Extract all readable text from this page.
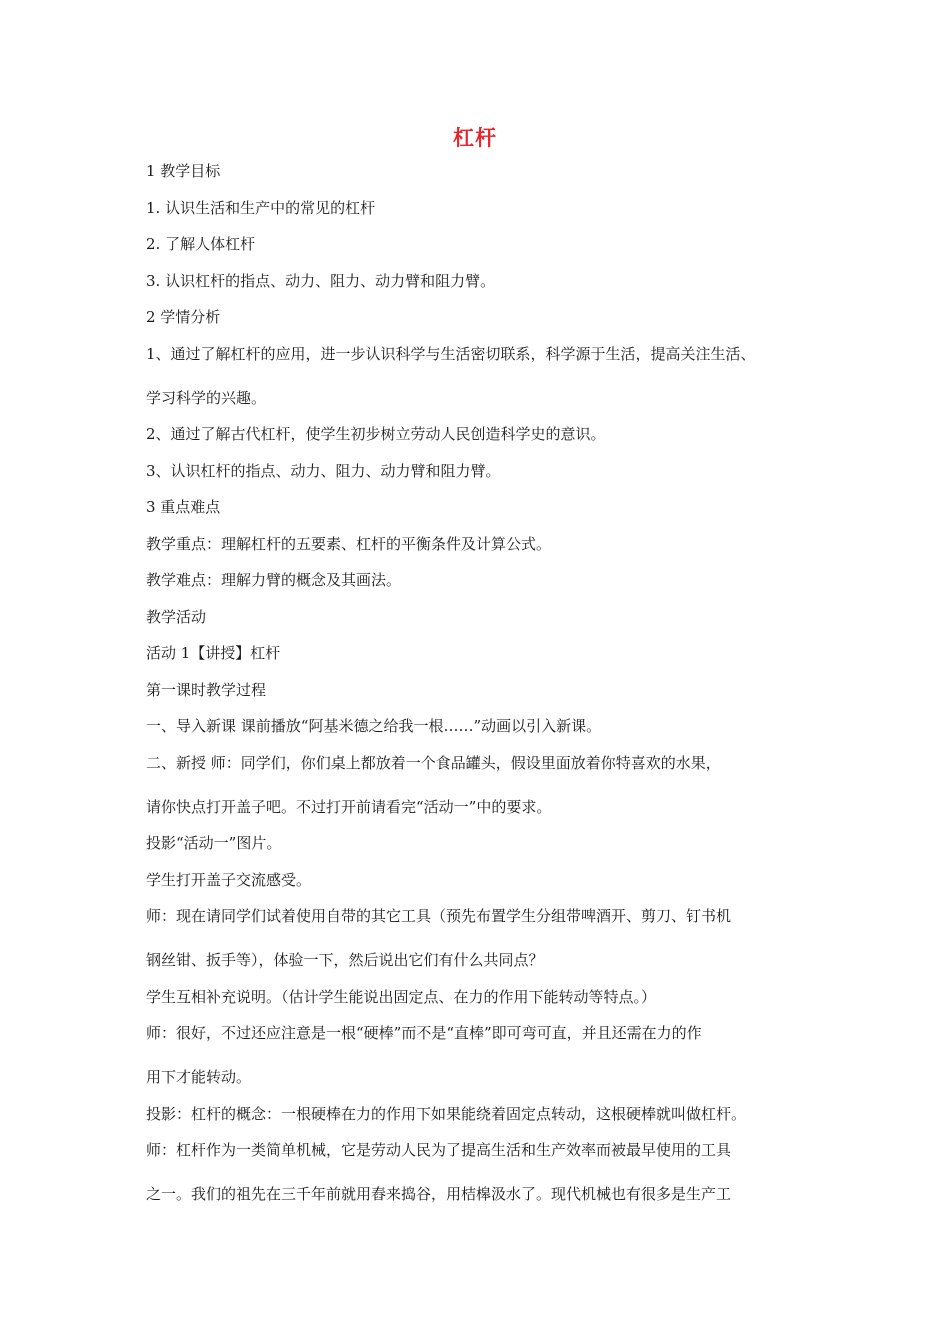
杠杆

1 教学目标

1. 认识生活和生产中的常见的杠杆

2. 了解人体杠杆

3. 认识杠杆的指点、动力、阻力、动力臂和阻力臂。

2 学情分析

1、通过了解杠杆的应用，进一步认识科学与生活密切联系，科学源于生活，提高关注生活、

学习科学的兴趣。

2、通过了解古代杠杆，使学生初步树立劳动人民创造科学史的意识。

3、认识杠杆的指点、动力、阻力、动力臂和阻力臂。

3 重点难点

教学重点：理解杠杆的五要素、杠杆的平衡条件及计算公式。

教学难点：理解力臂的概念及其画法。

教学活动

活动 1【讲授】杠杆

第一课时教学过程

一、导入新课 课前播放“阿基米德之给我一根……”动画以引入新课。

二、新授 师：同学们，你们桌上都放着一个食品罐头，假设里面放着你特喜欢的水果，

请你快点打开盖子吧。不过打开前请看完“活动一”中的要求。

投影“活动一”图片。

学生打开盖子交流感受。

师：现在请同学们试着使用自带的其它工具（预先布置学生分组带啤酒开、剪刀、钉书机

钢丝钳、扳手等），体验一下，然后说出它们有什么共同点？

学生互相补充说明。（估计学生能说出固定点、在力的作用下能转动等特点。）

师：很好，不过还应注意是一根“硬棒”而不是“直棒”即可弯可直，并且还需在力的作

用下才能转动。

投影：杠杆的概念：一根硬棒在力的作用下如果能绕着固定点转动，这根硬棒就叫做杠杆。

师：杠杆作为一类简单机械，它是劳动人民为了提高生活和生产效率而被最早使用的工具

之一。我们的祖先在三千年前就用舂来捣谷，用桔槔汲水了。现代机械也有很多是生产工
